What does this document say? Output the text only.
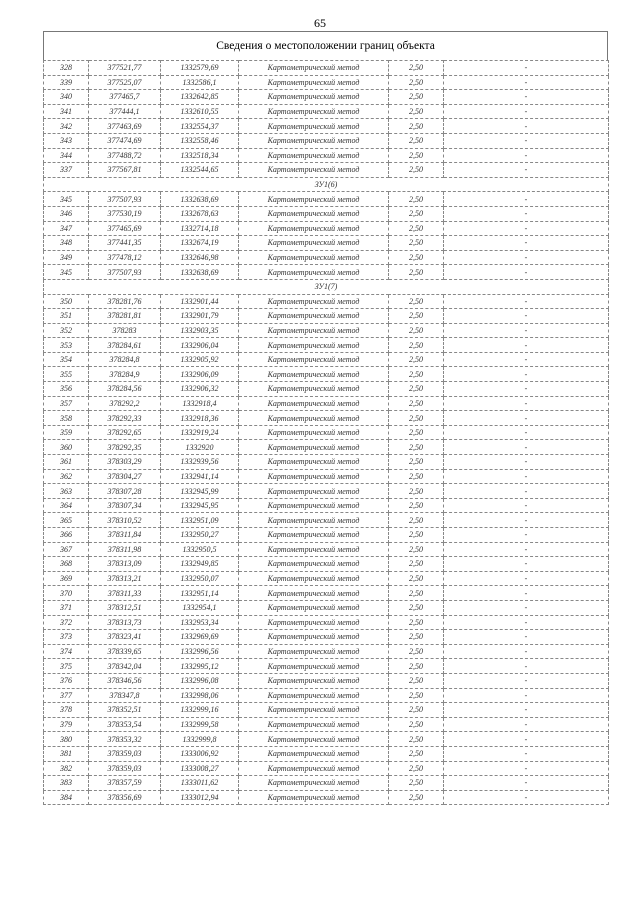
65
Сведения о местоположении границ объекта
328	377521,77	1332579,69	Картометрический метод	2,50	-
339	377525,07	1332586,1	Картометрический метод	2,50	-
340	377465,7	1332642,85	Картометрический метод	2,50	-
341	377444,1	1332610,55	Картометрический метод	2,50	-
342	377463,69	1332554,37	Картометрический метод	2,50	-
343	377474,69	1332558,46	Картометрический метод	2,50	-
344	377488,72	1332518,34	Картометрический метод	2,50	-
337	377567,81	1332544,65	Картометрический метод	2,50	-
ЗУ1(6)					
345	377507,93	1332638,69	Картометрический метод	2,50	-
346	377530,19	1332678,63	Картометрический метод	2,50	-
347	377465,69	1332714,18	Картометрический метод	2,50	-
348	377441,35	1332674,19	Картометрический метод	2,50	-
349	377478,12	1332646,98	Картометрический метод	2,50	-
345	377507,93	1332638,69	Картометрический метод	2,50	-
ЗУ1(7)					
350	378281,76	1332901,44	Картометрический метод	2,50	-
351	378281,81	1332901,79	Картометрический метод	2,50	-
352	378283	1332903,35	Картометрический метод	2,50	-
353	378284,61	1332906,04	Картометрический метод	2,50	-
354	378284,8	1332905,92	Картометрический метод	2,50	-
355	378284,9	1332906,09	Картометрический метод	2,50	-
356	378284,56	1332906,32	Картометрический метод	2,50	-
357	378292,2	1332918,4	Картометрический метод	2,50	-
358	378292,33	1332918,36	Картометрический метод	2,50	-
359	378292,65	1332919,24	Картометрический метод	2,50	-
360	378292,35	1332920	Картометрический метод	2,50	-
361	378303,29	1332939,56	Картометрический метод	2,50	-
362	378304,27	1332941,14	Картометрический метод	2,50	-
363	378307,28	1332945,99	Картометрический метод	2,50	-
364	378307,34	1332945,95	Картометрический метод	2,50	-
365	378310,52	1332951,09	Картометрический метод	2,50	-
366	378311,84	1332950,27	Картометрический метод	2,50	-
367	378311,98	1332950,5	Картометрический метод	2,50	-
368	378313,09	1332949,85	Картометрический метод	2,50	-
369	378313,21	1332950,07	Картометрический метод	2,50	-
370	378311,33	1332951,14	Картометрический метод	2,50	-
371	378312,51	1332954,1	Картометрический метод	2,50	-
372	378313,73	1332953,34	Картометрический метод	2,50	-
373	378323,41	1332969,69	Картометрический метод	2,50	-
374	378339,65	1332996,56	Картометрический метод	2,50	-
375	378342,04	1332995,12	Картометрический метод	2,50	-
376	378346,56	1332996,08	Картометрический метод	2,50	-
377	378347,8	1332998,06	Картометрический метод	2,50	-
378	378352,51	1332999,16	Картометрический метод	2,50	-
379	378353,54	1332999,58	Картометрический метод	2,50	-
380	378353,32	1332999,8	Картометрический метод	2,50	-
381	378359,03	1333006,92	Картометрический метод	2,50	-
382	378359,03	1333008,27	Картометрический метод	2,50	-
383	378357,59	1333011,62	Картометрический метод	2,50	-
384	378356,69	1333012,94	Картометрический метод	2,50	-
